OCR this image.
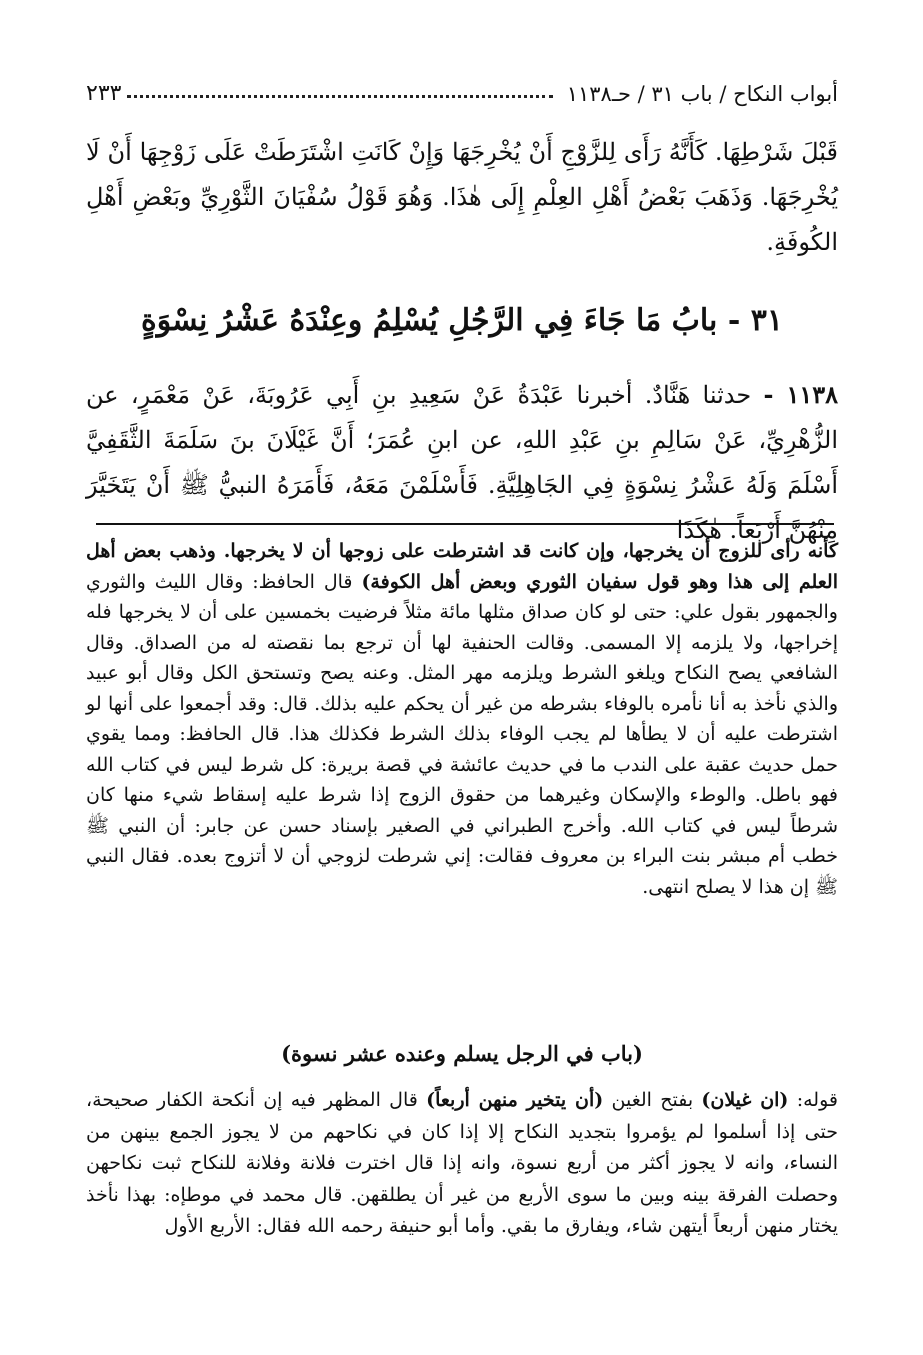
أبواب النكاح / باب ٣١ / حـ١١٣٨
٢٣٣
قَبْلَ شَرْطِهَا. كَأَنَّهُ رَأَى لِلزَّوْجِ أَنْ يُخْرِجَهَا وَإِنْ كَانَتِ اشْتَرَطَتْ عَلَى زَوْجِهَا أَنْ لَا يُخْرِجَهَا. وَذَهَبَ بَعْضُ أَهْلِ العِلْمِ إِلَى هٰذَا. وَهُوَ قَوْلُ سُفْيَانَ الثَّوْرِيِّ وبَعْضِ أَهْلِ الكُوفَةِ.
٣١ - بابُ مَا جَاءَ فِي الرَّجُلِ يُسْلِمُ وعِنْدَهُ عَشْرُ نِسْوَةٍ
١١٣٨ - حدثنا هَنَّادٌ. أخبرنا عَبْدَةُ عَنْ سَعِيدِ بنِ أَبِي عَرُوبَةَ، عَنْ مَعْمَرٍ، عن الزُّهْرِيِّ، عَنْ سَالِمِ بنِ عَبْدِ اللهِ، عن ابنِ عُمَرَ؛ أَنَّ غَيْلَانَ بنَ سَلَمَةَ الثَّقَفِيَّ أَسْلَمَ وَلَهُ عَشْرُ نِسْوَةٍ فِي الجَاهِلِيَّةِ. فَأَسْلَمْنَ مَعَهُ، فَأَمَرَهُ النبيُّ ﷺ أَنْ يَتَخَيَّرَ مِنْهُنَّ أَرْبَعاً. هٰكَذَا
كأنه رأى للزوج أن يخرجها، وإن كانت قد اشترطت على زوجها أن لا يخرجها. وذهب بعض أهل العلم إلى هذا وهو قول سفيان الثوري وبعض أهل الكوفة) قال الحافظ: وقال الليث والثوري والجمهور بقول علي: حتى لو كان صداق مثلها مائة مثلاً فرضيت بخمسين على أن لا يخرجها فله إخراجها، ولا يلزمه إلا المسمى. وقالت الحنفية لها أن ترجع بما نقصته له من الصداق. وقال الشافعي يصح النكاح ويلغو الشرط ويلزمه مهر المثل. وعنه يصح وتستحق الكل وقال أبو عبيد والذي نأخذ به أنا نأمره بالوفاء بشرطه من غير أن يحكم عليه بذلك. قال: وقد أجمعوا على أنها لو اشترطت عليه أن لا يطأها لم يجب الوفاء بذلك الشرط فكذلك هذا. قال الحافظ: ومما يقوي حمل حديث عقبة على الندب ما في حديث عائشة في قصة بريرة: كل شرط ليس في كتاب الله فهو باطل. والوطء والإسكان وغيرهما من حقوق الزوج إذا شرط عليه إسقاط شيء منها كان شرطاً ليس في كتاب الله. وأخرج الطبراني في الصغير بإسناد حسن عن جابر: أن النبي ﷺ خطب أم مبشر بنت البراء بن معروف فقالت: إني شرطت لزوجي أن لا أتزوج بعده. فقال النبي ﷺ إن هذا لا يصلح انتهى.
(باب في الرجل يسلم وعنده عشر نسوة)
قوله: (ان غيلان) بفتح الغين (أن يتخير منهن أربعاً) قال المظهر فيه إن أنكحة الكفار صحيحة، حتى إذا أسلموا لم يؤمروا بتجديد النكاح إلا إذا كان في نكاحهم من لا يجوز الجمع بينهن من النساء، وانه لا يجوز أكثر من أربع نسوة، وانه إذا قال اخترت فلانة وفلانة للنكاح ثبت نكاحهن وحصلت الفرقة بينه وبين ما سوى الأربع من غير أن يطلقهن. قال محمد في موطإه: بهذا نأخذ يختار منهن أربعاً أيتهن شاء، ويفارق ما بقي. وأما أبو حنيفة رحمه الله فقال: الأربع الأول
